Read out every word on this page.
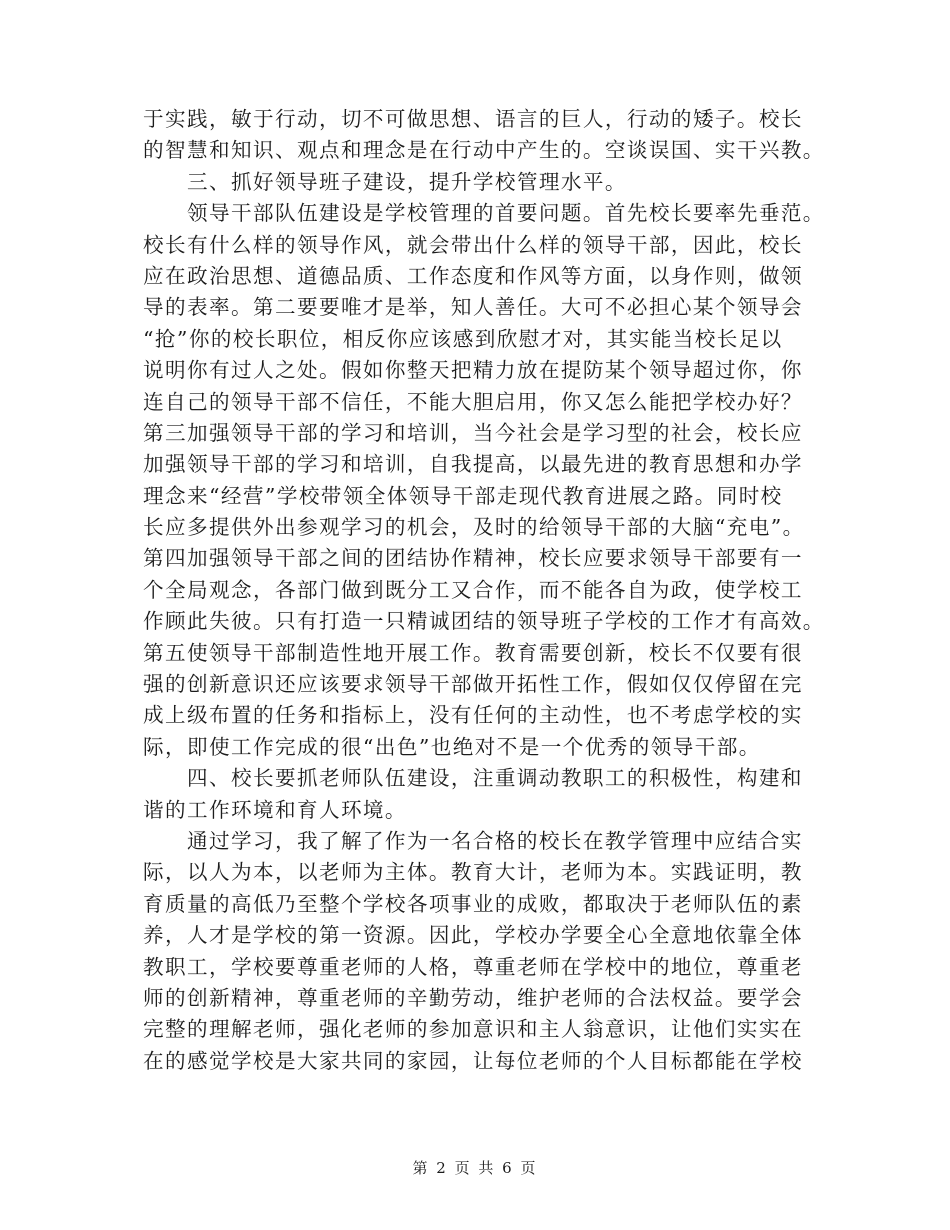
于实践，敏于行动，切不可做思想、语言的巨人，行动的矮子。校长
的智慧和知识、观点和理念是在行动中产生的。空谈误国、实干兴教。
　　三、抓好领导班子建设，提升学校管理水平。
　　领导干部队伍建设是学校管理的首要问题。首先校长要率先垂范。
校长有什么样的领导作风，就会带出什么样的领导干部，因此，校长
应在政治思想、道德品质、工作态度和作风等方面，以身作则，做领
导的表率。第二要要唯才是举，知人善任。大可不必担心某个领导会
“抢”你的校长职位，相反你应该感到欣慰才对，其实能当校长足以
说明你有过人之处。假如你整天把精力放在提防某个领导超过你，你
连自己的领导干部不信任，不能大胆启用，你又怎么能把学校办好？
第三加强领导干部的学习和培训，当今社会是学习型的社会，校长应
加强领导干部的学习和培训，自我提高，以最先进的教育思想和办学
理念来“经营”学校带领全体领导干部走现代教育进展之路。同时校
长应多提供外出参观学习的机会，及时的给领导干部的大脑“充电”。
第四加强领导干部之间的团结协作精神，校长应要求领导干部要有一
个全局观念，各部门做到既分工又合作，而不能各自为政，使学校工
作顾此失彼。只有打造一只精诚团结的领导班子学校的工作才有高效。
第五使领导干部制造性地开展工作。教育需要创新，校长不仅要有很
强的创新意识还应该要求领导干部做开拓性工作，假如仅仅停留在完
成上级布置的任务和指标上，没有任何的主动性，也不考虑学校的实
际，即使工作完成的很“出色”也绝对不是一个优秀的领导干部。
　　四、校长要抓老师队伍建设，注重调动教职工的积极性，构建和
谐的工作环境和育人环境。
　　通过学习，我了解了作为一名合格的校长在教学管理中应结合实
际，以人为本，以老师为主体。教育大计，老师为本。实践证明，教
育质量的高低乃至整个学校各项事业的成败，都取决于老师队伍的素
养，人才是学校的第一资源。因此，学校办学要全心全意地依靠全体
教职工，学校要尊重老师的人格，尊重老师在学校中的地位，尊重老
师的创新精神，尊重老师的辛勤劳动，维护老师的合法权益。要学会
完整的理解老师，强化老师的参加意识和主人翁意识，让他们实实在
在的感觉学校是大家共同的家园，让每位老师的个人目标都能在学校
第 2 页 共 6 页
